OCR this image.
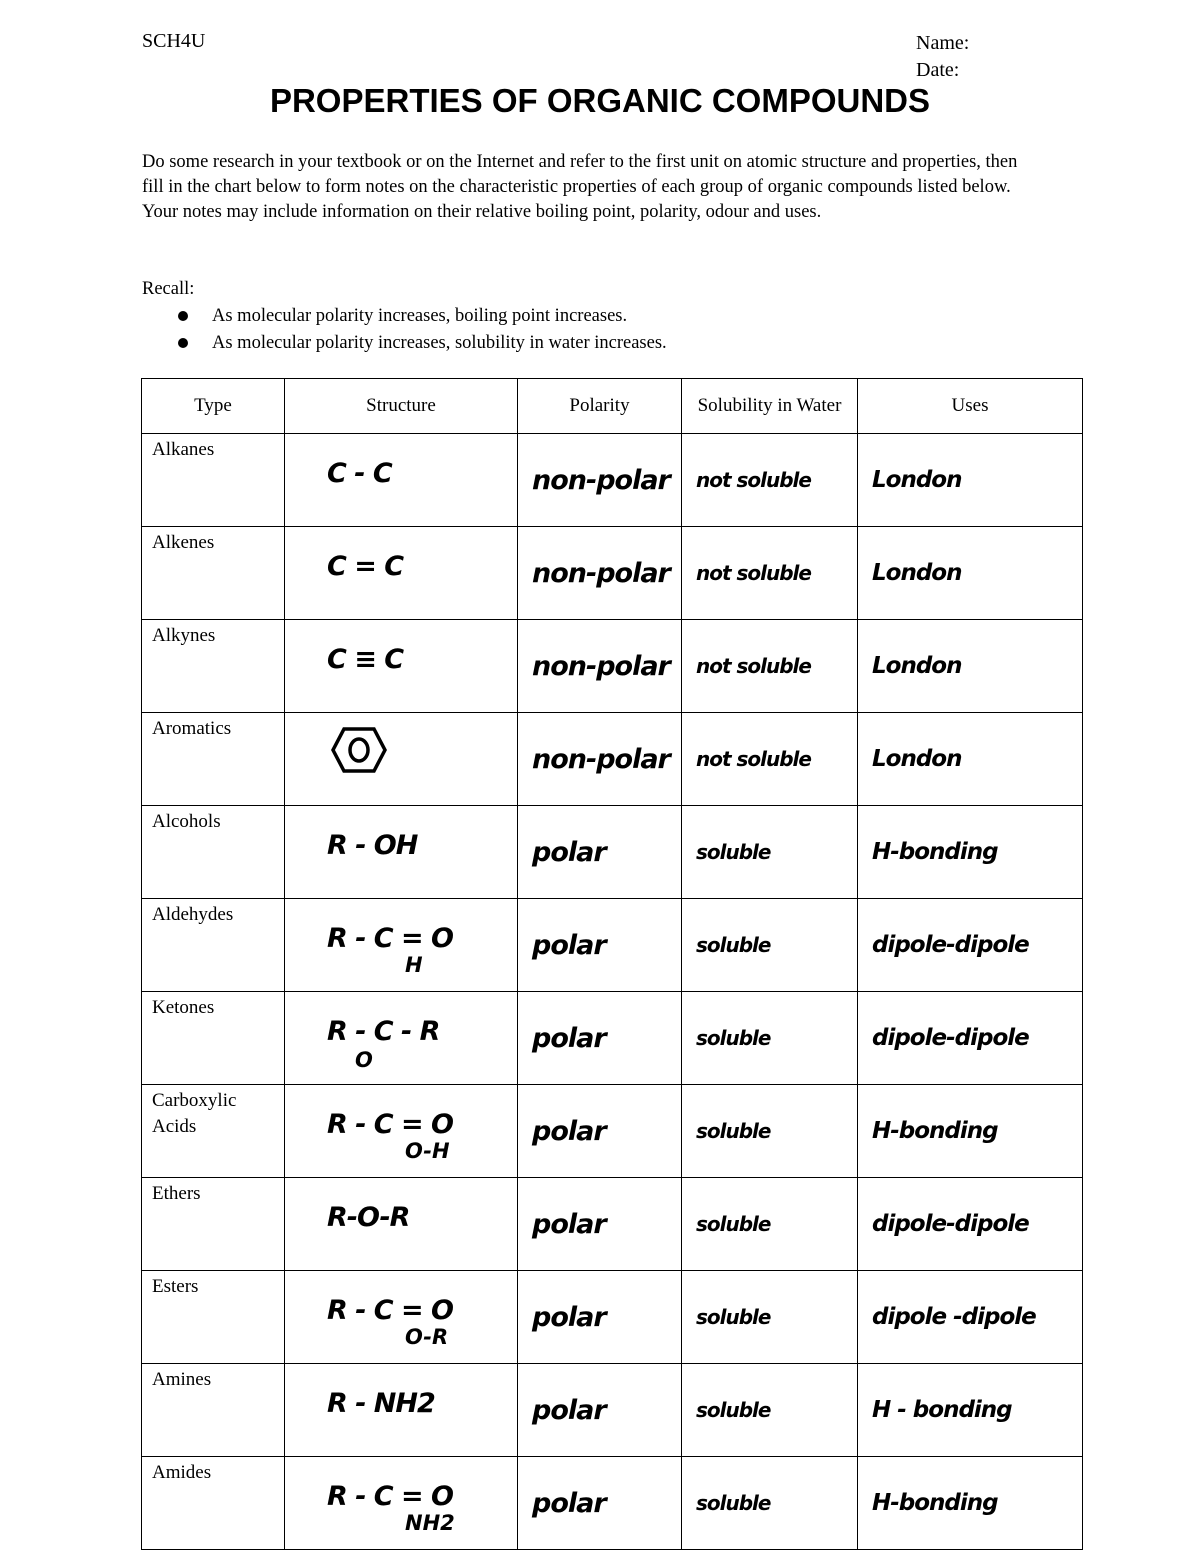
SCH4U	Name:
Date:
PROPERTIES OF ORGANIC COMPOUNDS
Do some research in your textbook or on the Internet and refer to the first unit on atomic structure and properties, then fill in the chart below to form notes on the characteristic properties of each group of organic compounds listed below. Your notes may include information on their relative boiling point, polarity, odour and uses.
Recall:
As molecular polarity increases, boiling point increases.
As molecular polarity increases, solubility in water increases.
Type	Structure	Polarity	Solubility in Water	Uses
Alkanes	C - C	non-polar	not soluble	London

Alkenes	C = C	non-polar	not soluble	London

Alkynes	C ≡ C	non-polar	not soluble	London

Aromatics		non-polar	not soluble	London

Alcohols	R - OH	polar	soluble	H-bonding

Aldehydes	R - C = O
H	polar	soluble	dipole-dipole

Ketones	R - C - R
O	polar	soluble	dipole-dipole

Carboxylic Acids	R - C = O
O-H	polar	soluble	H-bonding

Ethers	R-O-R	polar	soluble	dipole-dipole

Esters	R - C = O
O-R	polar	soluble	dipole -dipole

Amines	R - NH2	polar	soluble	H - bonding

Amides	R - C = O
NH2	polar	soluble	H-bonding
